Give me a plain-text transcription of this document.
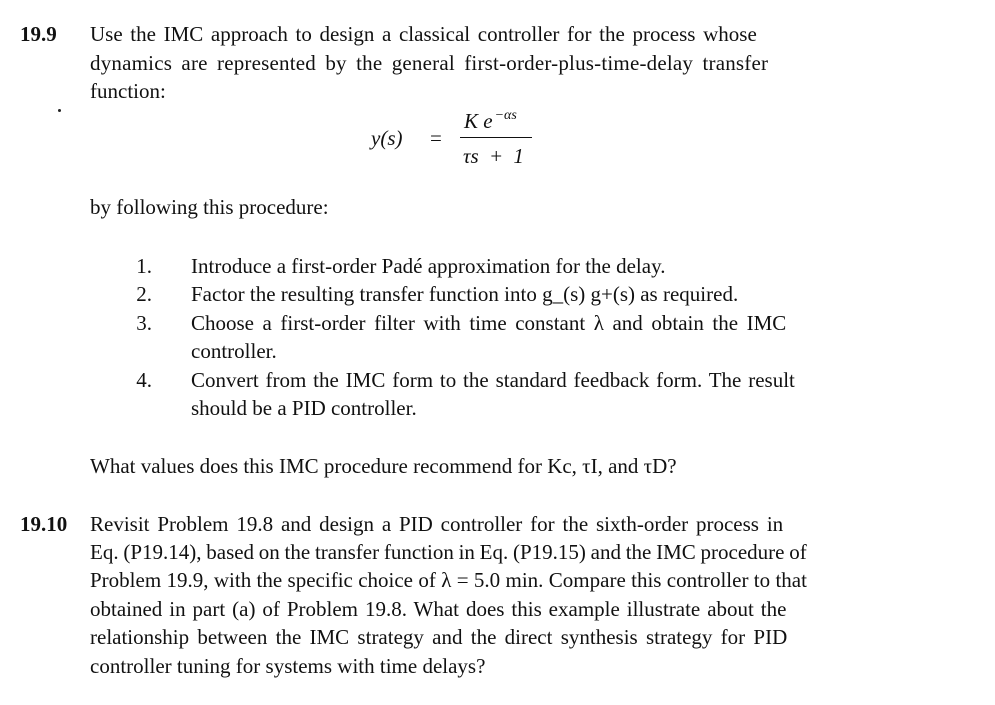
19.9 Use the IMC approach to design a classical controller for the process whose
dynamics are represented by the general first-order-plus-time-delay transfer
function:
y(s) =
K e $^{-\alpha s}$
τs + 1
by following this procedure:
1. Introduce a first-order Padé approximation for the delay.
2. Factor the resulting transfer function into g_(s) g+(s) as required.
3. Choose a first-order filter with time constant λ and obtain the IMC
controller.
4. Convert from the IMC form to the standard feedback form. The result
should be a PID controller.
What values does this IMC procedure recommend for Kc, τI, and τD?
19.10 Revisit Problem 19.8 and design a PID controller for the sixth-order process in
Eq. (P19.14), based on the transfer function in Eq. (P19.15) and the IMC procedure of
Problem 19.9, with the specific choice of λ = 5.0 min. Compare this controller to that
obtained in part (a) of Problem 19.8. What does this example illustrate about the
relationship between the IMC strategy and the direct synthesis strategy for PID
controller tuning for systems with time delays?
